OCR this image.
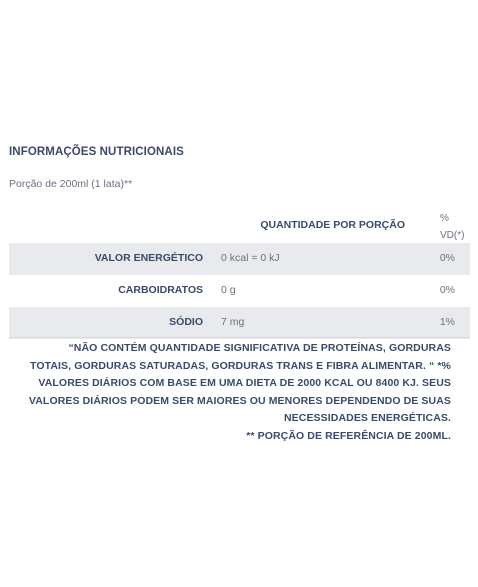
INFORMAÇÕES NUTRICIONAIS
Porção de 200ml (1 lata)**
QUANTIDADE POR PORÇÃO
%
VD(*)
VALOR ENERGÉTICO 0 kcal = 0 kJ	0%
CARBOIDRATOS 0 g	0%
SÓDIO 7 mg	1%
“NÃO CONTÉM QUANTIDADE SIGNIFICATIVA DE PROTEÍNAS, GORDURAS
TOTAIS, GORDURAS SATURADAS, GORDURAS TRANS E FIBRA ALIMENTAR. “ *%
VALORES DIÁRIOS COM BASE EM UMA DIETA DE 2000 KCAL OU 8400 KJ. SEUS
VALORES DIÁRIOS PODEM SER MAIORES OU MENORES DEPENDENDO DE SUAS
NECESSIDADES ENERGÉTICAS.
** PORÇÃO DE REFERÊNCIA DE 200ML.
